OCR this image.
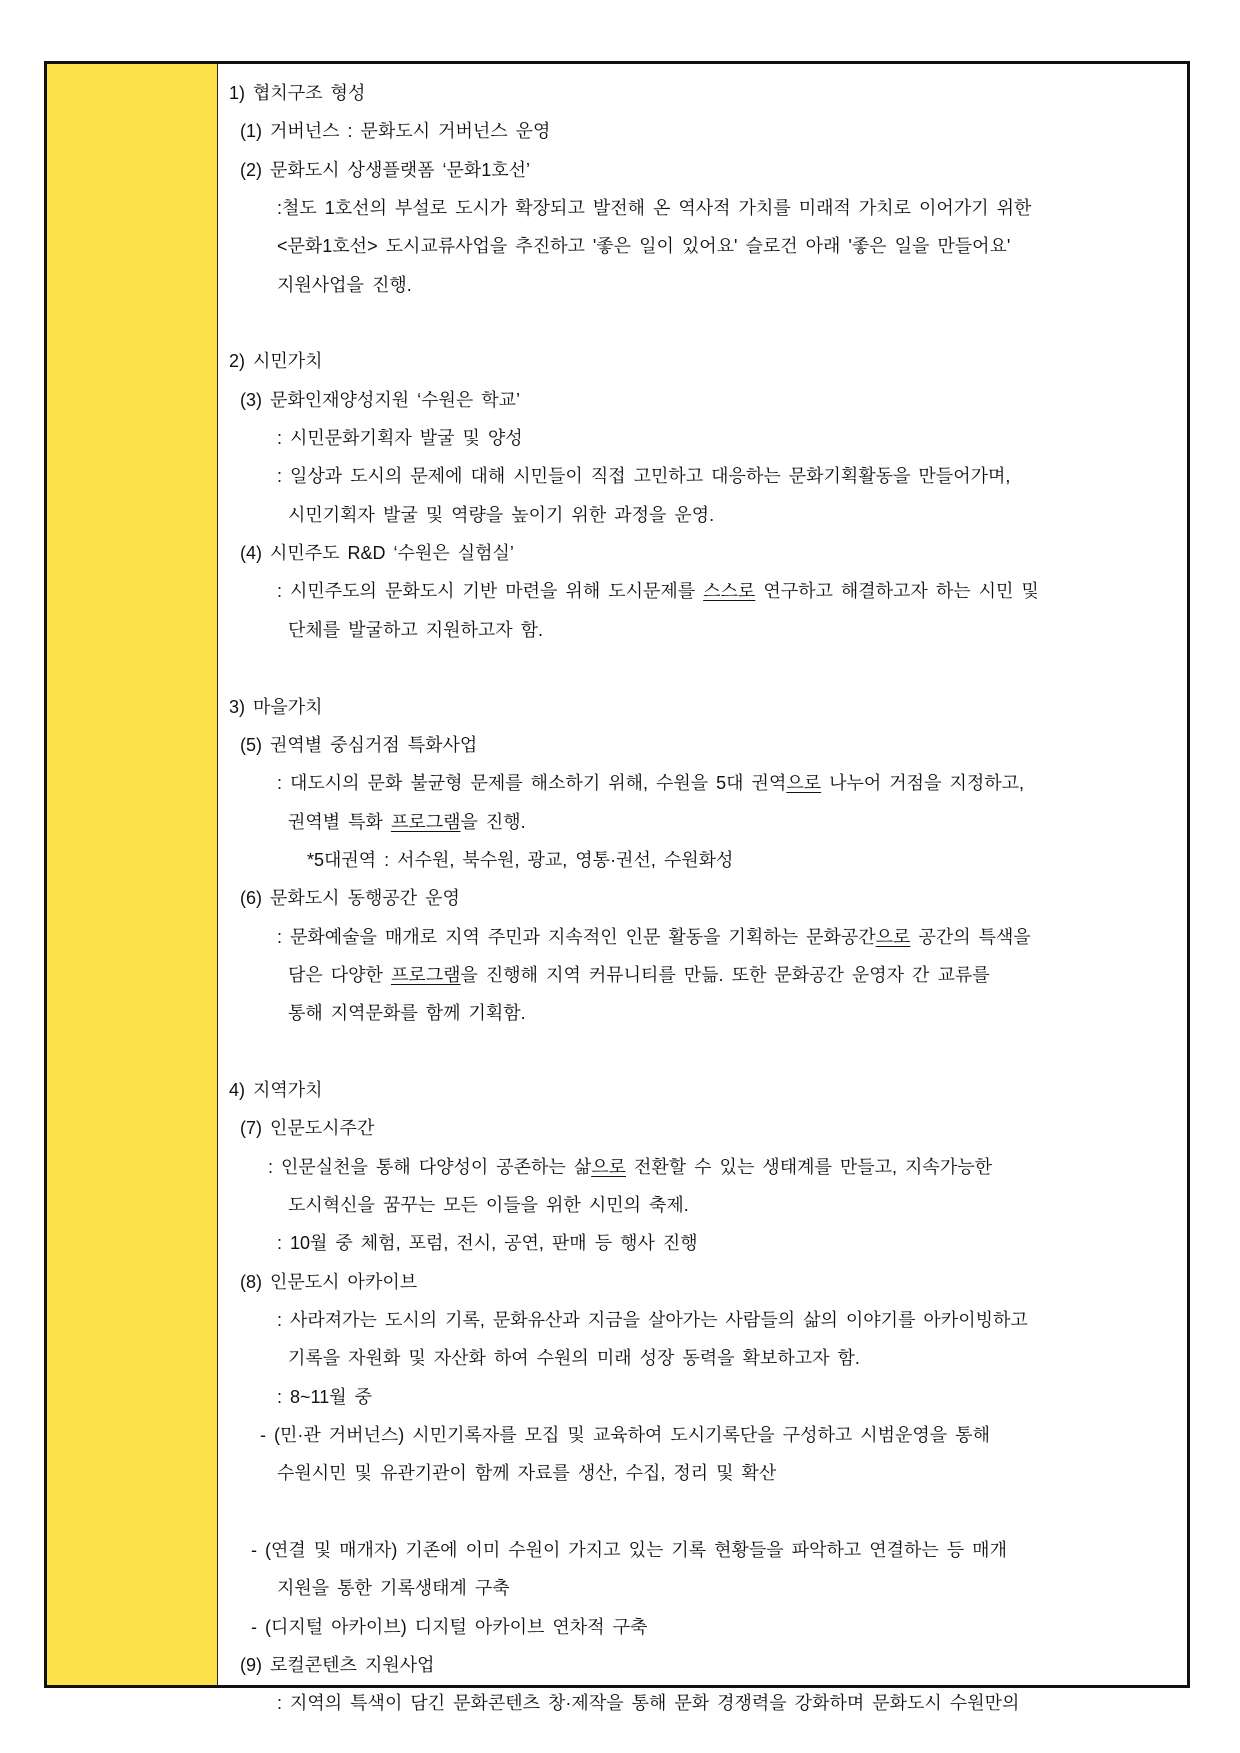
1) 협치구조 형성
(1) 거버넌스 : 문화도시 거버넌스 운영
(2) 문화도시 상생플랫폼 ‘문화1호선’
:철도 1호선의 부설로 도시가 확장되고 발전해 온 역사적 가치를 미래적 가치로 이어가기 위한
<문화1호선> 도시교류사업을 추진하고 '좋은 일이 있어요' 슬로건 아래 '좋은 일을 만들어요'
지원사업을 진행.
2) 시민가치
(3) 문화인재양성지원 ‘수원은 학교’
: 시민문화기획자 발굴 및 양성
: 일상과 도시의 문제에 대해 시민들이 직접 고민하고 대응하는 문화기획활동을 만들어가며,
시민기획자 발굴 및 역량을 높이기 위한 과정을 운영.
(4) 시민주도 R&D ‘수원은 실험실’
: 시민주도의 문화도시 기반 마련을 위해 도시문제를 스스로 연구하고 해결하고자 하는 시민 및
단체를 발굴하고 지원하고자 함.
3) 마을가치
(5) 권역별 중심거점 특화사업
: 대도시의 문화 불균형 문제를 해소하기 위해, 수원을 5대 권역으로 나누어 거점을 지정하고,
권역별 특화 프로그램을 진행.
*5대권역 : 서수원, 북수원, 광교, 영통·권선, 수원화성
(6) 문화도시 동행공간 운영
: 문화예술을 매개로 지역 주민과 지속적인 인문 활동을 기획하는 문화공간으로 공간의 특색을
담은 다양한 프로그램을 진행해 지역 커뮤니티를 만듦. 또한 문화공간 운영자 간 교류를
통해 지역문화를 함께 기획함.
4) 지역가치
(7) 인문도시주간
: 인문실천을 통해 다양성이 공존하는 삶으로 전환할 수 있는 생태계를 만들고, 지속가능한
도시혁신을 꿈꾸는 모든 이들을 위한 시민의 축제.
: 10월 중 체험, 포럼, 전시, 공연, 판매 등 행사 진행
(8) 인문도시 아카이브
: 사라져가는 도시의 기록, 문화유산과 지금을 살아가는 사람들의 삶의 이야기를 아카이빙하고
기록을 자원화 및 자산화 하여 수원의 미래 성장 동력을 확보하고자 함.
: 8~11월 중
- (민·관 거버넌스) 시민기록자를 모집 및 교육하여 도시기록단을 구성하고 시범운영을 통해
수원시민 및 유관기관이 함께 자료를 생산, 수집, 정리 및 확산
- (연결 및 매개자) 기존에 이미 수원이 가지고 있는 기록 현황들을 파악하고 연결하는 등 매개
지원을 통한 기록생태계 구축
- (디지털 아카이브) 디지털 아카이브 연차적 구축
(9) 로컬콘텐츠 지원사업
: 지역의 특색이 담긴 문화콘텐츠 창·제작을 통해 문화 경쟁력을 강화하며 문화도시 수원만의
